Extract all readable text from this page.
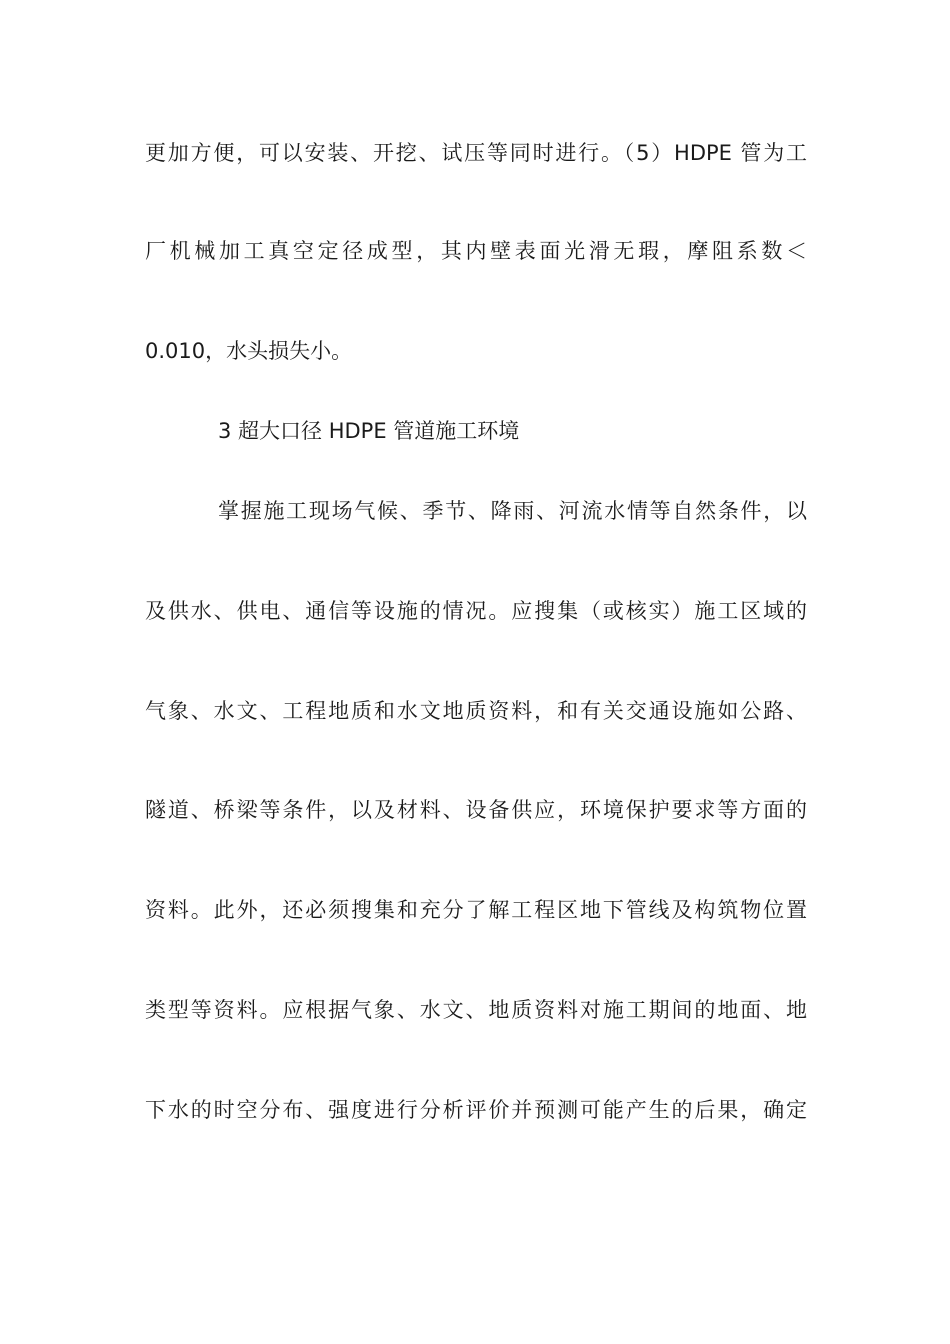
更加方便，可以安装、开挖、试压等同时进行。（5）HDPE 管为工
厂机械加工真空定径成型，其内壁表面光滑无瑕，摩阻系数＜
0.010，水头损失小。
3 超大口径 HDPE 管道施工环境
掌握施工现场气候、季节、降雨、河流水情等自然条件，以
及供水、供电、通信等设施的情况。应搜集（或核实）施工区域的
气象、水文、工程地质和水文地质资料，和有关交通设施如公路、
隧道、桥梁等条件，以及材料、设备供应，环境保护要求等方面的
资料。此外，还必须搜集和充分了解工程区地下管线及构筑物位置
类型等资料。应根据气象、水文、地质资料对施工期间的地面、地
下水的时空分布、强度进行分析评价并预测可能产生的后果，确定
